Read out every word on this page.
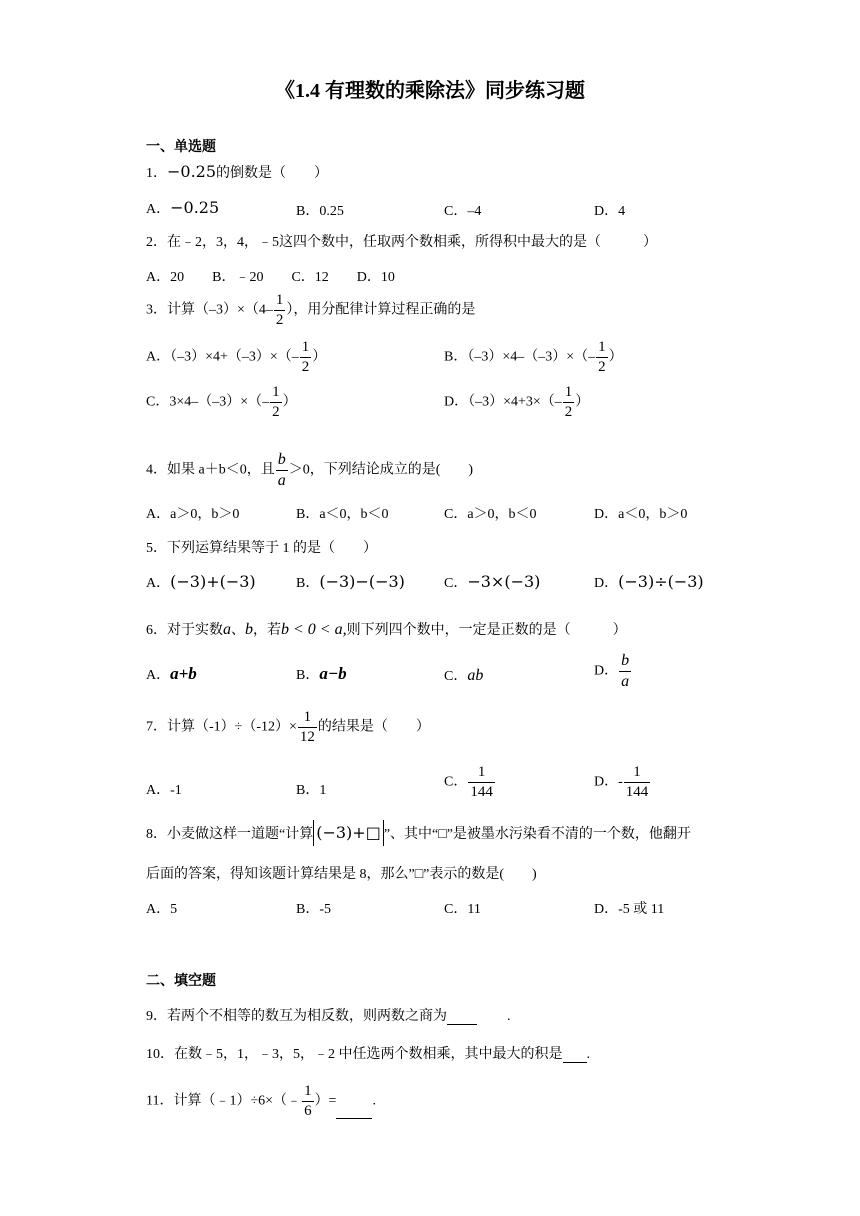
《1.4 有理数的乘除法》同步练习题
一、单选题
1．−0.25的倒数是（　　）
A．−0.25	B．0.25	C．–4	D．4
2．在﹣2，3，4，﹣5这四个数中，任取两个数相乘，所得积中最大的是（　　　）
A．20　　B．﹣20　　C．12　　D．10
3．计算$(-3)\times(4- \frac{1}{2}$ ），用分配律计算过程正确的是
A．$(-3)\times 4+(-3)\times(- \frac{1}{2}$ ）	B．$(-3)\times 4-(-3)\times(- \frac{1}{2}$ ）
C．$3\times 4-(-3)\times(- \frac{1}{2}$ ）	D．$(-3)\times 4+3\times(- \frac{1}{2}$ ）
4．如果 a＋b＜0，且 $\frac{b}{a} >0$，下列结论成立的是(　　)
A．a＞0，b＞0	B．a＜0，b＜0	C．a＞0，b＜0	D．a＜0，b＞0
5．下列运算结果等于 1 的是（　　）
A．(−3)+(−3)	B．(−3)−(−3)	C．−3×(−3)	D．(−3)÷(−3)
6．对于实数a、b，若b < 0 < a,则下列四个数中，一定是正数的是（　　　）
A．a+b	B．a−b	C．ab	D． $\frac{b}{a}$
7．计算$(-1)\div(-12)\times \frac{1}{12}$ 的结果是（　　）
A．-1	B．1
C． $\frac{1}{144}$	D．- $\frac{1}{144}$
8．小麦做这样一道题“计算 (−3)+□ ”、其中“□”是被墨水污染看不清的一个数，他翻开
后面的答案，得知该题计算结果是 8，那么”□”表示的数是(　　)
A．5	B．-5	C．11	D．-5 或 11
二、填空题
9．若两个不相等的数互为相反数，则两数之商为	.
10．在数﹣5，1，﹣3，5，﹣2 中任选两个数相乘，其中最大的积是 .
11．计算（﹣1）÷6×（﹣ $\frac{1}{6}$ ）=	.
